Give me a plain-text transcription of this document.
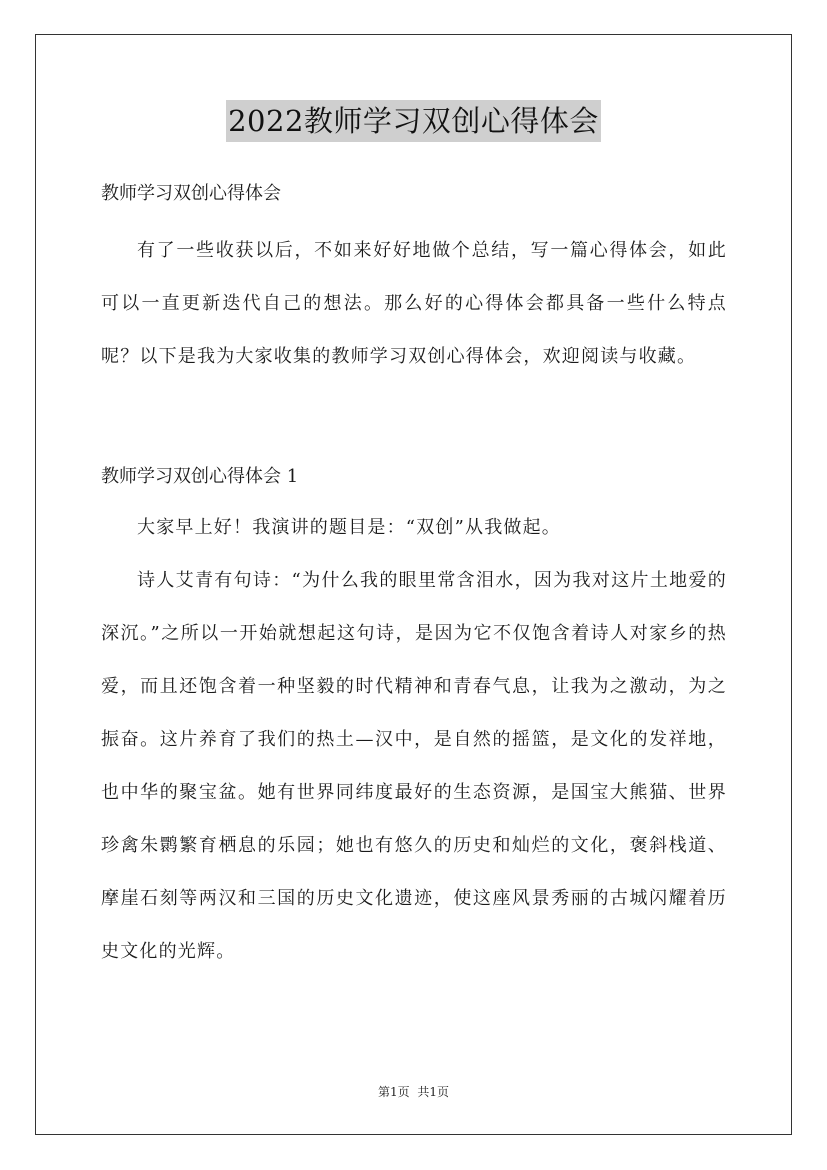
2022教师学习双创心得体会

教师学习双创心得体会

有了一些收获以后，不如来好好地做个总结，写一篇心得体会，如此可以一直更新迭代自己的想法。那么好的心得体会都具备一些什么特点呢？以下是我为大家收集的教师学习双创心得体会，欢迎阅读与收藏。

教师学习双创心得体会 1

大家早上好！我演讲的题目是：“双创”从我做起。

诗人艾青有句诗：“为什么我的眼里常含泪水，因为我对这片土地爱的深沉。”之所以一开始就想起这句诗，是因为它不仅饱含着诗人对家乡的热爱，而且还饱含着一种坚毅的时代精神和青春气息，让我为之激动，为之振奋。这片养育了我们的热土—汉中，是自然的摇篮，是文化的发祥地，也中华的聚宝盆。她有世界同纬度最好的生态资源，是国宝大熊猫、世界珍禽朱鹮繁育栖息的乐园；她也有悠久的历史和灿烂的文化，褒斜栈道、摩崖石刻等两汉和三国的历史文化遗迹，使这座风景秀丽的古城闪耀着历史文化的光辉。

第1页 共1页
